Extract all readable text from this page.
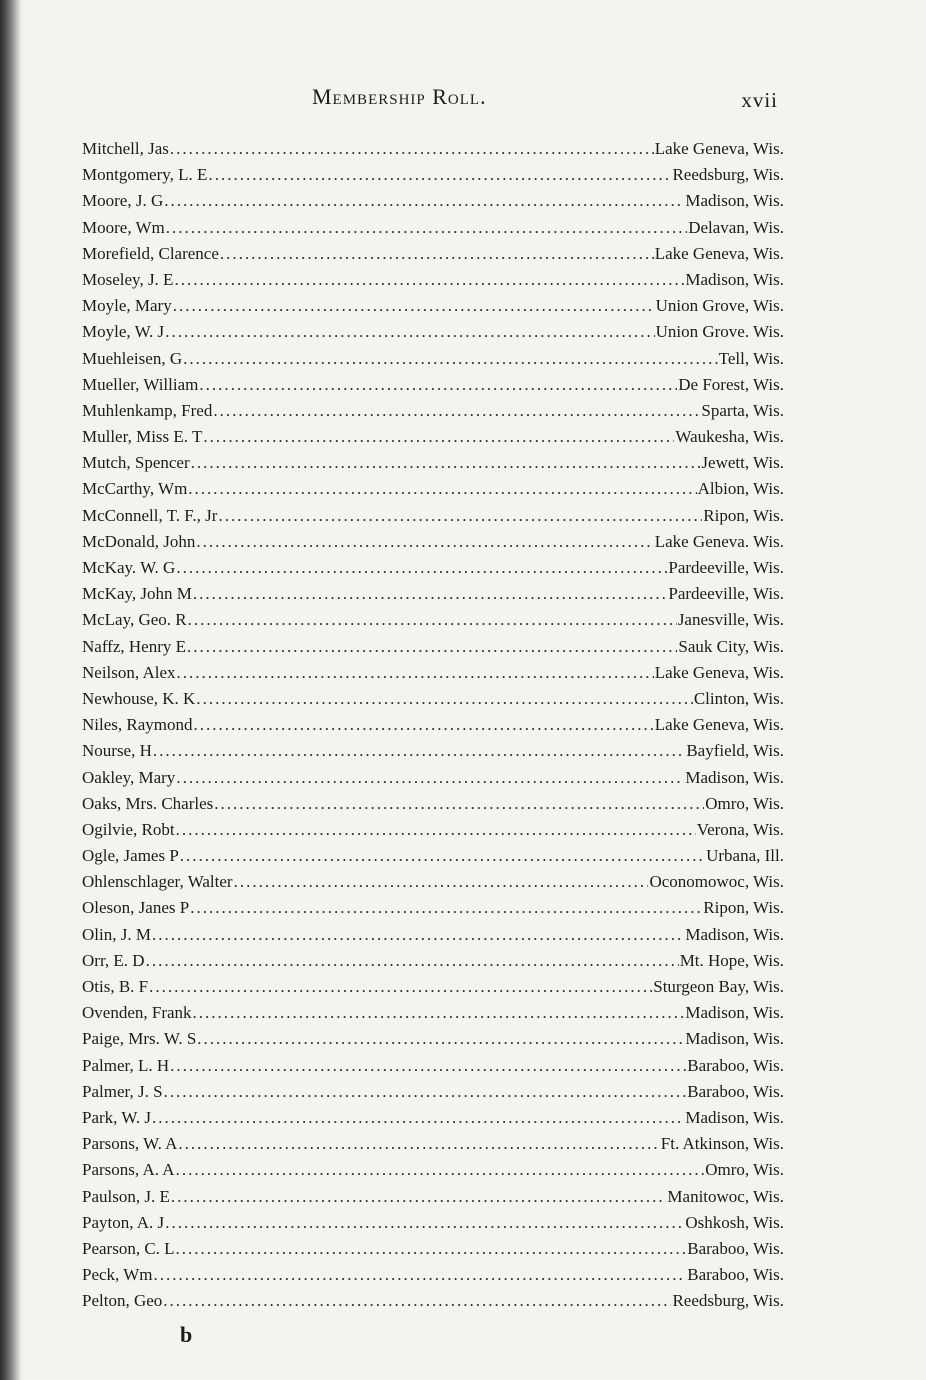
Membership Roll.	xvii
Mitchell, Jas .....	Lake Geneva, Wis.
Montgomery, L. E .....	Reedsburg, Wis.
Moore, J. G .....	Madison, Wis.
Moore, Wm .....	Delavan, Wis.
Morefield, Clarence .....	Lake Geneva, Wis.
Moseley, J. E .....	Madison, Wis.
Moyle, Mary .....	Union Grove, Wis.
Moyle, W. J .....	Union Grove. Wis.
Muehleisen, G .....	Tell, Wis.
Mueller, William .....	De Forest, Wis.
Muhlenkamp, Fred .....	Sparta, Wis.
Muller, Miss E. T .....	Waukesha, Wis.
Mutch, Spencer .....	Jewett, Wis.
McCarthy, Wm .....	Albion, Wis.
McConnell, T. F., Jr .....	Ripon, Wis.
McDonald, John .....	Lake Geneva. Wis.
McKay. W. G .....	Pardeeville, Wis.
McKay, John M .....	Pardeeville, Wis.
McLay, Geo. R .....	Janesville, Wis.
Naffz, Henry E .....	Sauk City, Wis.
Neilson, Alex .....	Lake Geneva, Wis.
Newhouse, K. K .....	Clinton, Wis.
Niles, Raymond .....	Lake Geneva, Wis.
Nourse, H .....	Bayfield, Wis.
Oakley, Mary .....	Madison, Wis.
Oaks, Mrs. Charles .....	Omro, Wis.
Ogilvie, Robt .....	Verona, Wis.
Ogle, James P .....	Urbana, Ill.
Ohlenschlager, Walter .....	Oconomowoc, Wis.
Oleson, Janes P .....	Ripon, Wis.
Olin, J. M .....	Madison, Wis.
Orr, E. D .....	Mt. Hope, Wis.
Otis, B. F .....	Sturgeon Bay, Wis.
Ovenden, Frank .....	Madison, Wis.
Paige, Mrs. W. S .....	Madison, Wis.
Palmer, L. H .....	Baraboo, Wis.
Palmer, J. S .....	Baraboo, Wis.
Park, W. J .....	Madison, Wis.
Parsons, W. A .....	Ft. Atkinson, Wis.
Parsons, A. A .....	Omro, Wis.
Paulson, J. E .....	Manitowoc, Wis.
Payton, A. J .....	Oshkosh, Wis.
Pearson, C. L .....	Baraboo, Wis.
Peck, Wm .....	Baraboo, Wis.
Pelton, Geo .....	Reedsburg, Wis.
b
